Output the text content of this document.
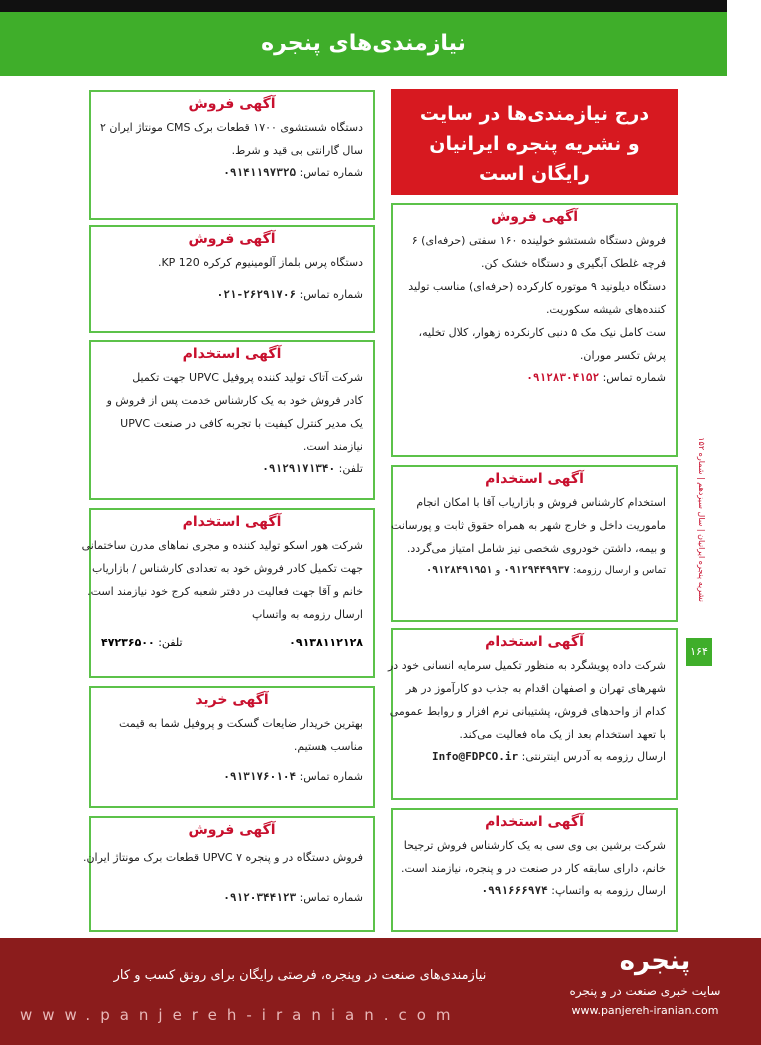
نیازمندی‌های پنجره
نشریه پنجره ایرانیان | سال سیزدهم | شماره ۱۵۲
۱۶۴
درج نیازمندی‌ها در سایت
و نشریه پنجره ایرانیان
رایگان است
آگهی فروش
دستگاه شستشوی ۱۷۰۰ قطعات برک CMS مونتاژ ایران ۲
سال گارانتی بی قید و شرط.
شماره تماس: ۰۹۱۴۱۱۹۷۳۲۵
آگهی فروش
دستگاه پرس بلماز آلومینیوم کرکره KP 120.
شماره تماس: ۰۲۱-۲۶۲۹۱۷۰۶
آگهی استخدام
شرکت آتاک تولید کننده پروفیل UPVC جهت تکمیل
کادر فروش خود به یک کارشناس خدمت پس از فروش و
یک مدیر کنترل کیفیت با تجربه کافی در صنعت UPVC
نیازمند است.
تلفن: ۰۹۱۲۹۱۷۱۳۴۰
آگهی استخدام
شرکت هور اسکو تولید کننده و مجری نماهای مدرن ساختمانی
جهت تکمیل کادر فروش خود به تعدادی کارشناس / بازاریاب
خانم و آقا جهت فعالیت در دفتر شعبه کرج خود نیازمند است.
ارسال رزومه به واتساپ
۰۹۱۳۸۱۱۲۱۲۸
تلفن: ۴۷۲۳۶۵۰۰
آگهی خرید
بهترین خریدار ضایعات گسکت و پروفیل شما به قیمت
مناسب هستیم.
شماره تماس: ۰۹۱۳۱۷۶۰۱۰۴
آگهی فروش
فروش دستگاه در و پنجره UPVC ۷ قطعات برک مونتاژ ایران.
شماره تماس: ۰۹۱۲۰۳۴۴۱۲۳
آگهی فروش
فروش دستگاه شستشو خولینده ۱۶۰ سفتی (حرفه‌ای) ۶
فرچه غلطک آبگیری و دستگاه خشک کن.
دستگاه دیلونید ۹ موتوره کارکرده (حرفه‌ای) مناسب تولید
کننده‌های شیشه سکوریت.
ست کامل نیک مک ۵ دنبی کارنکرده زهوار، کلال تخلیه،
پرش تکسر موران.
شماره تماس: ۰۹۱۲۸۳۰۴۱۵۲
آگهی استخدام
استخدام کارشناس فروش و بازاریاب آقا با امکان انجام
ماموریت داخل و خارج شهر به همراه حقوق ثابت و پورسانت
و بیمه، داشتن خودروی شخصی نیز شامل امتیاز می‌گردد.
تماس و ارسال رزومه: ۰۹۱۲۹۴۴۹۹۳۷ و ۰۹۱۲۸۴۹۱۹۵۱
آگهی استخدام
شرکت داده پویشگرد به منظور تکمیل سرمایه انسانی خود در
شهرهای تهران و اصفهان اقدام به جذب دو کارآموز در هر
کدام از واحدهای فروش، پشتیبانی نرم افزار و روابط عمومی
با تعهد استخدام بعد از یک ماه فعالیت می‌کند.
ارسال رزومه به آدرس اینترنتی: Info@FDPCO.ir
آگهی استخدام
شرکت برشین بی وی سی به یک کارشناس فروش ترجیحا
خانم، دارای سابقه کار در صنعت در و پنجره، نیازمند است.
ارسال رزومه به واتساپ: ۰۹۹۱۶۶۶۹۷۴
نیازمندی‌های صنعت در وپنجره، فرصتی رایگان برای رونق کسب و کار
www.panjereh-iranian.com
پنجره
سایت خبری صنعت در و پنجره
www.panjereh-iranian.com
